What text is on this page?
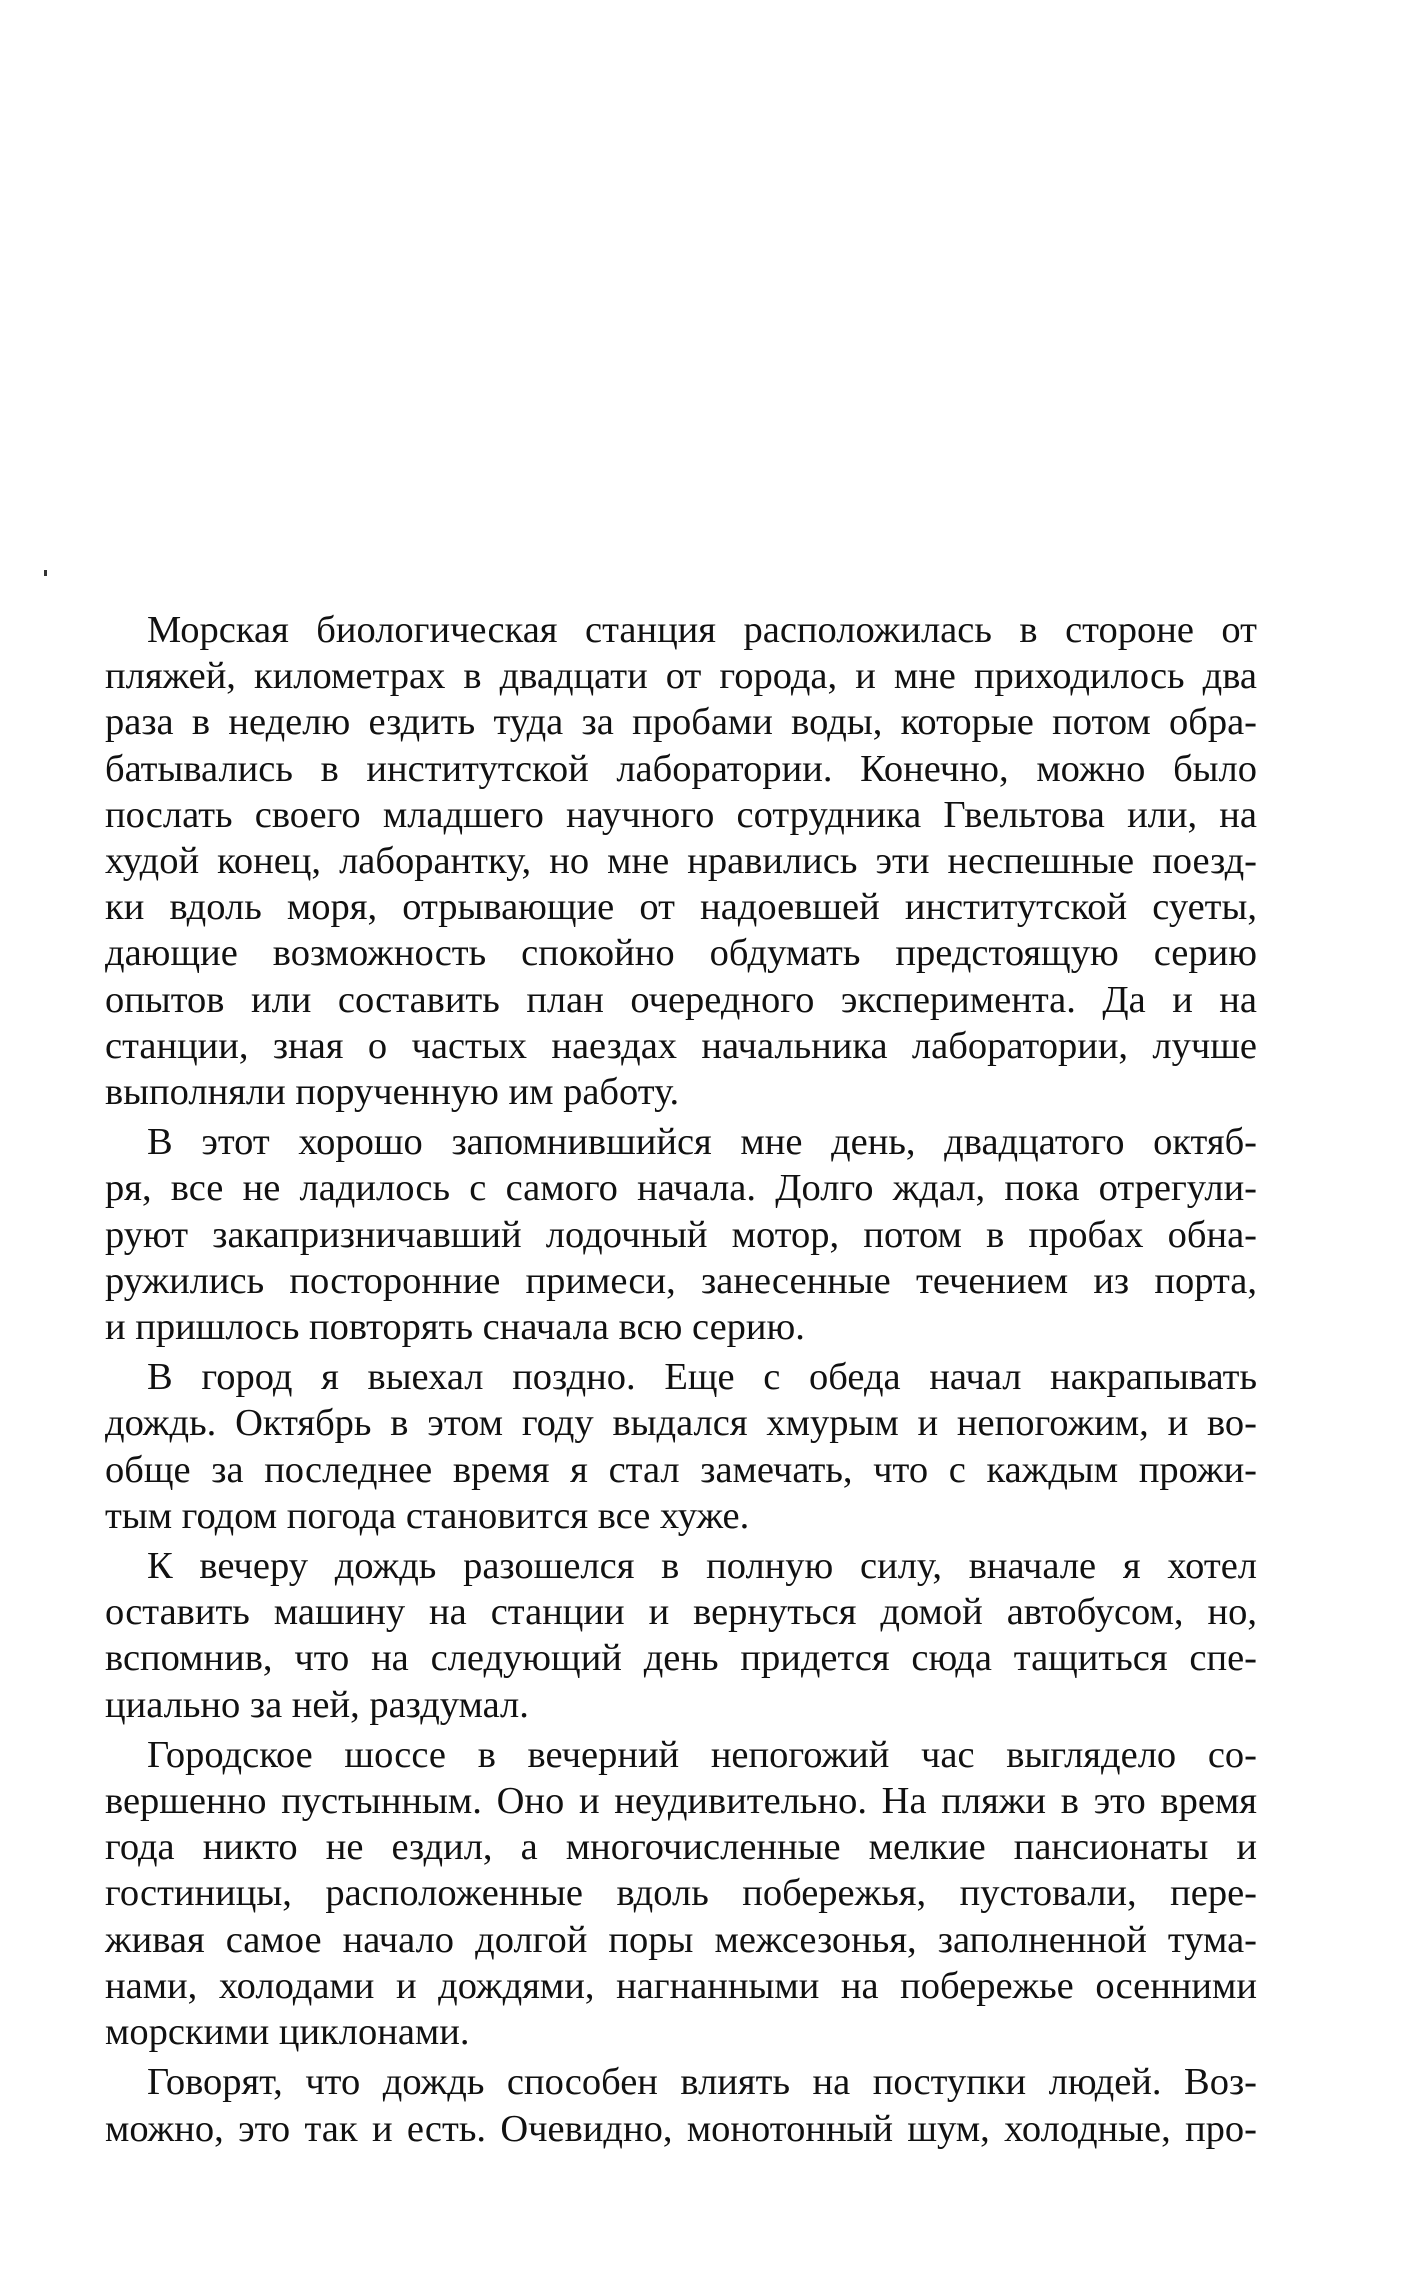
Морская биологическая станция расположилась в стороне от
пляжей, километрах в двадцати от города, и мне приходилось два
раза в неделю ездить туда за пробами воды, которые потом обра-
батывались в институтской лаборатории. Конечно, можно было
послать своего младшего научного сотрудника Гвельтова или, на
худой конец, лаборантку, но мне нравились эти неспешные поезд-
ки вдоль моря, отрывающие от надоевшей институтской суеты,
дающие возможность спокойно обдумать предстоящую серию
опытов или составить план очередного эксперимента. Да и на
станции, зная о частых наездах начальника лаборатории, лучше
выполняли порученную им работу.

В этот хорошо запомнившийся мне день, двадцатого октяб-
ря, все не ладилось с самого начала. Долго ждал, пока отрегули-
руют закапризничавший лодочный мотор, потом в пробах обна-
ружились посторонние примеси, занесенные течением из порта,
и пришлось повторять сначала всю серию.

В город я выехал поздно. Еще с обеда начал накрапывать
дождь. Октябрь в этом году выдался хмурым и непогожим, и во-
обще за последнее время я стал замечать, что с каждым прожи-
тым годом погода становится все хуже.

К вечеру дождь разошелся в полную силу, вначале я хотел
оставить машину на станции и вернуться домой автобусом, но,
вспомнив, что на следующий день придется сюда тащиться спе-
циально за ней, раздумал.

Городское шоссе в вечерний непогожий час выглядело со-
вершенно пустынным. Оно и неудивительно. На пляжи в это время
года никто не ездил, а многочисленные мелкие пансионаты и
гостиницы, расположенные вдоль побережья, пустовали, пере-
живая самое начало долгой поры межсезонья, заполненной тума-
нами, холодами и дождями, нагнанными на побережье осенними
морскими циклонами.

Говорят, что дождь способен влиять на поступки людей. Воз-
можно, это так и есть. Очевидно, монотонный шум, холодные, про-
